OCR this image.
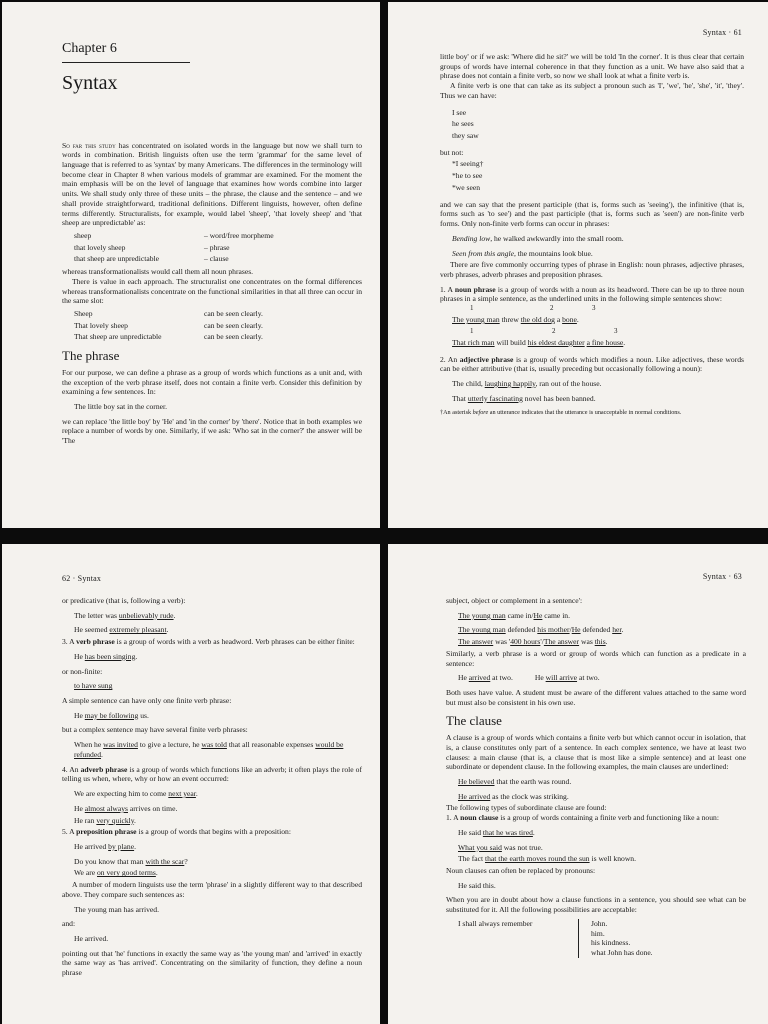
Chapter 6
Syntax

So far this study has concentrated on isolated words in the language but now we shall turn to words in combination. British linguists often use the term 'grammar' for the same level of language that is referred to as 'syntax' by many Americans. The differences in the terminology will become clear in Chapter 8 when various models of grammar are examined. For the moment the main emphasis will be on the level of language that examines how words combine into larger units. We shall study only three of these units – the phrase, the clause and the sentence – and we shall provide straightforward, traditional definitions. Different linguists, however, often define terms differently. Structuralists, for example, would label 'sheep', 'that lovely sheep' and 'that sheep are unpredictable' as:

sheep	– word/free morpheme
that lovely sheep	– phrase
that sheep are unpredictable	– clause

whereas transformationalists would call them all noun phrases.

There is value in each approach. The structuralist one concentrates on the formal differences whereas transformationalists concentrate on the functional similarities in that all three can occur in the same slot:

Sheep	can be seen clearly.
That lovely sheep	can be seen clearly.
That sheep are unpredictable	can be seen clearly.
The phrase

For our purpose, we can define a phrase as a group of words which functions as a unit and, with the exception of the verb phrase itself, does not contain a finite verb. Consider this definition by examining a few sentences. In:

The little boy sat in the corner.

we can replace 'the little boy' by 'He' and 'in the corner' by 'there'. Notice that in both examples we replace a number of words by one. Similarly, if we ask: 'Who sat in the corner?' the answer will be 'The

Syntax · 61

little boy' or if we ask: 'Where did he sit?' we will be told 'In the corner'. It is thus clear that certain groups of words have internal coherence in that they function as a unit. We have also said that a phrase does not contain a finite verb, so now we shall look at what a finite verb is.

A finite verb is one that can take as its subject a pronoun such as 'I', 'we', 'he', 'she', 'it', 'they'. Thus we can have:

I see
he sees
they saw

but not:

*I seeing†
*he to see
*we seen

and we can say that the present participle (that is, forms such as 'seeing'), the infinitive (that is, forms such as 'to see') and the past participle (that is, forms such as 'seen') are non-finite verb forms. Only non-finite verb forms can occur in phrases:

Bending low, he walked awkwardly into the small room.
Seen from this angle, the mountains look blue.

There are five commonly occurring types of phrase in English: noun phrases, adjective phrases, verb phrases, adverb phrases and preposition phrases.

1. A noun phrase is a group of words with a noun as its headword. There can be up to three noun phrases in a simple sentence, as the underlined units in the following simple sentences show:

1	2	3
The young man threw the old dog a bone.
1	2	3
That rich man will build his eldest daughter a fine house.

2. An adjective phrase is a group of words which modifies a noun. Like adjectives, these words can be either attributive (that is, usually preceding but occasionally following a noun):

The child, laughing happily, ran out of the house.
That utterly fascinating novel has been banned.

†An asterisk before an utterance indicates that the utterance is unacceptable in normal conditions.

62 · Syntax

or predicative (that is, following a verb):

The letter was unbelievably rude.
He seemed extremely pleasant.

3. A verb phrase is a group of words with a verb as headword. Verb phrases can be either finite:

He has been singing.

or non-finite:

to have sung

A simple sentence can have only one finite verb phrase:

He may be following us.

but a complex sentence may have several finite verb phrases:

When he was invited to give a lecture, he was told that all reasonable expenses would be refunded.

4. An adverb phrase is a group of words which functions like an adverb; it often plays the role of telling us when, where, why or how an event occurred:

We are expecting him to come next year.
He almost always arrives on time.
He ran very quickly.

5. A preposition phrase is a group of words that begins with a preposition:

He arrived by plane.
Do you know that man with the scar?
We are on very good terms.

A number of modern linguists use the term 'phrase' in a slightly different way to that described above. They compare such sentences as:

The young man has arrived.

and:

He arrived.

pointing out that 'he' functions in exactly the same way as 'the young man' and 'arrived' in exactly the same way as 'has arrived'. Concentrating on the similarity of function, they define a noun phrase

Syntax · 63

subject, object or complement in a sentence':

The young man came in/He came in.
The young man defended his mother/He defended her.
The answer was '400 hours'/The answer was this.

Similarly, a verb phrase is a word or group of words which can function as a predicate in a sentence:

He arrived at two.	He will arrive at two.

Both uses have value. A student must be aware of the different values attached to the same word but must also be consistent in his own use.

The clause

A clause is a group of words which contains a finite verb but which cannot occur in isolation, that is, a clause constitutes only part of a sentence. In each complex sentence, we have at least two clauses: a main clause (that is, a clause that is most like a simple sentence) and at least one subordinate or dependent clause. In the following examples, the main clauses are underlined:

He believed that the earth was round.
He arrived as the clock was striking.

The following types of subordinate clause are found:

1. A noun clause is a group of words containing a finite verb and functioning like a noun:

He said that he was tired.
What you said was not true.
The fact that the earth moves round the sun is well known.

Noun clauses can often be replaced by pronouns:

He said this.

When you are in doubt about how a clause functions in a sentence, you should see what can be substituted for it. All the following possibilities are acceptable:

I shall always remember	John.
him.
his kindness.
what John has done.
